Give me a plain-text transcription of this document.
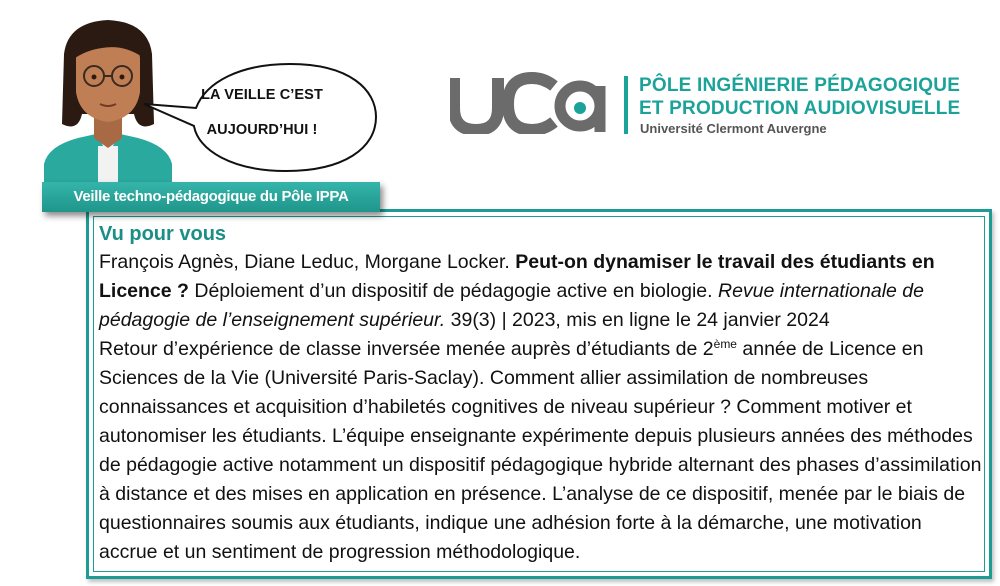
LA VEILLE C’EST
AUJOURD’HUI !
Veille techno-pédagogique du Pôle IPPA
PÔLE INGÉNIERIE PÉDAGOGIQUE
ET PRODUCTION AUDIOVISUELLE
Université Clermont Auvergne
Vu pour vous
François Agnès, Diane Leduc, Morgane Locker. Peut-on dynamiser le travail des étudiants en Licence ? Déploiement d’un dispositif de pédagogie active en biologie. Revue internationale de pédagogie de l’enseignement supérieur. 39(3) | 2023, mis en ligne le 24 janvier 2024
Retour d’expérience de classe inversée menée auprès d’étudiants de 2ème année de Licence en Sciences de la Vie (Université Paris-Saclay). Comment allier assimilation de nombreuses connaissances et acquisition d’habiletés cognitives de niveau supérieur ? Comment motiver et autonomiser les étudiants. L’équipe enseignante expérimente depuis plusieurs années des méthodes de pédagogie active notamment un dispositif pédagogique hybride alternant des phases d’assimilation à distance et des mises en application en présence. L’analyse de ce dispositif, menée par le biais de questionnaires soumis aux étudiants, indique une adhésion forte à la démarche, une motivation accrue et un sentiment de progression méthodologique.
